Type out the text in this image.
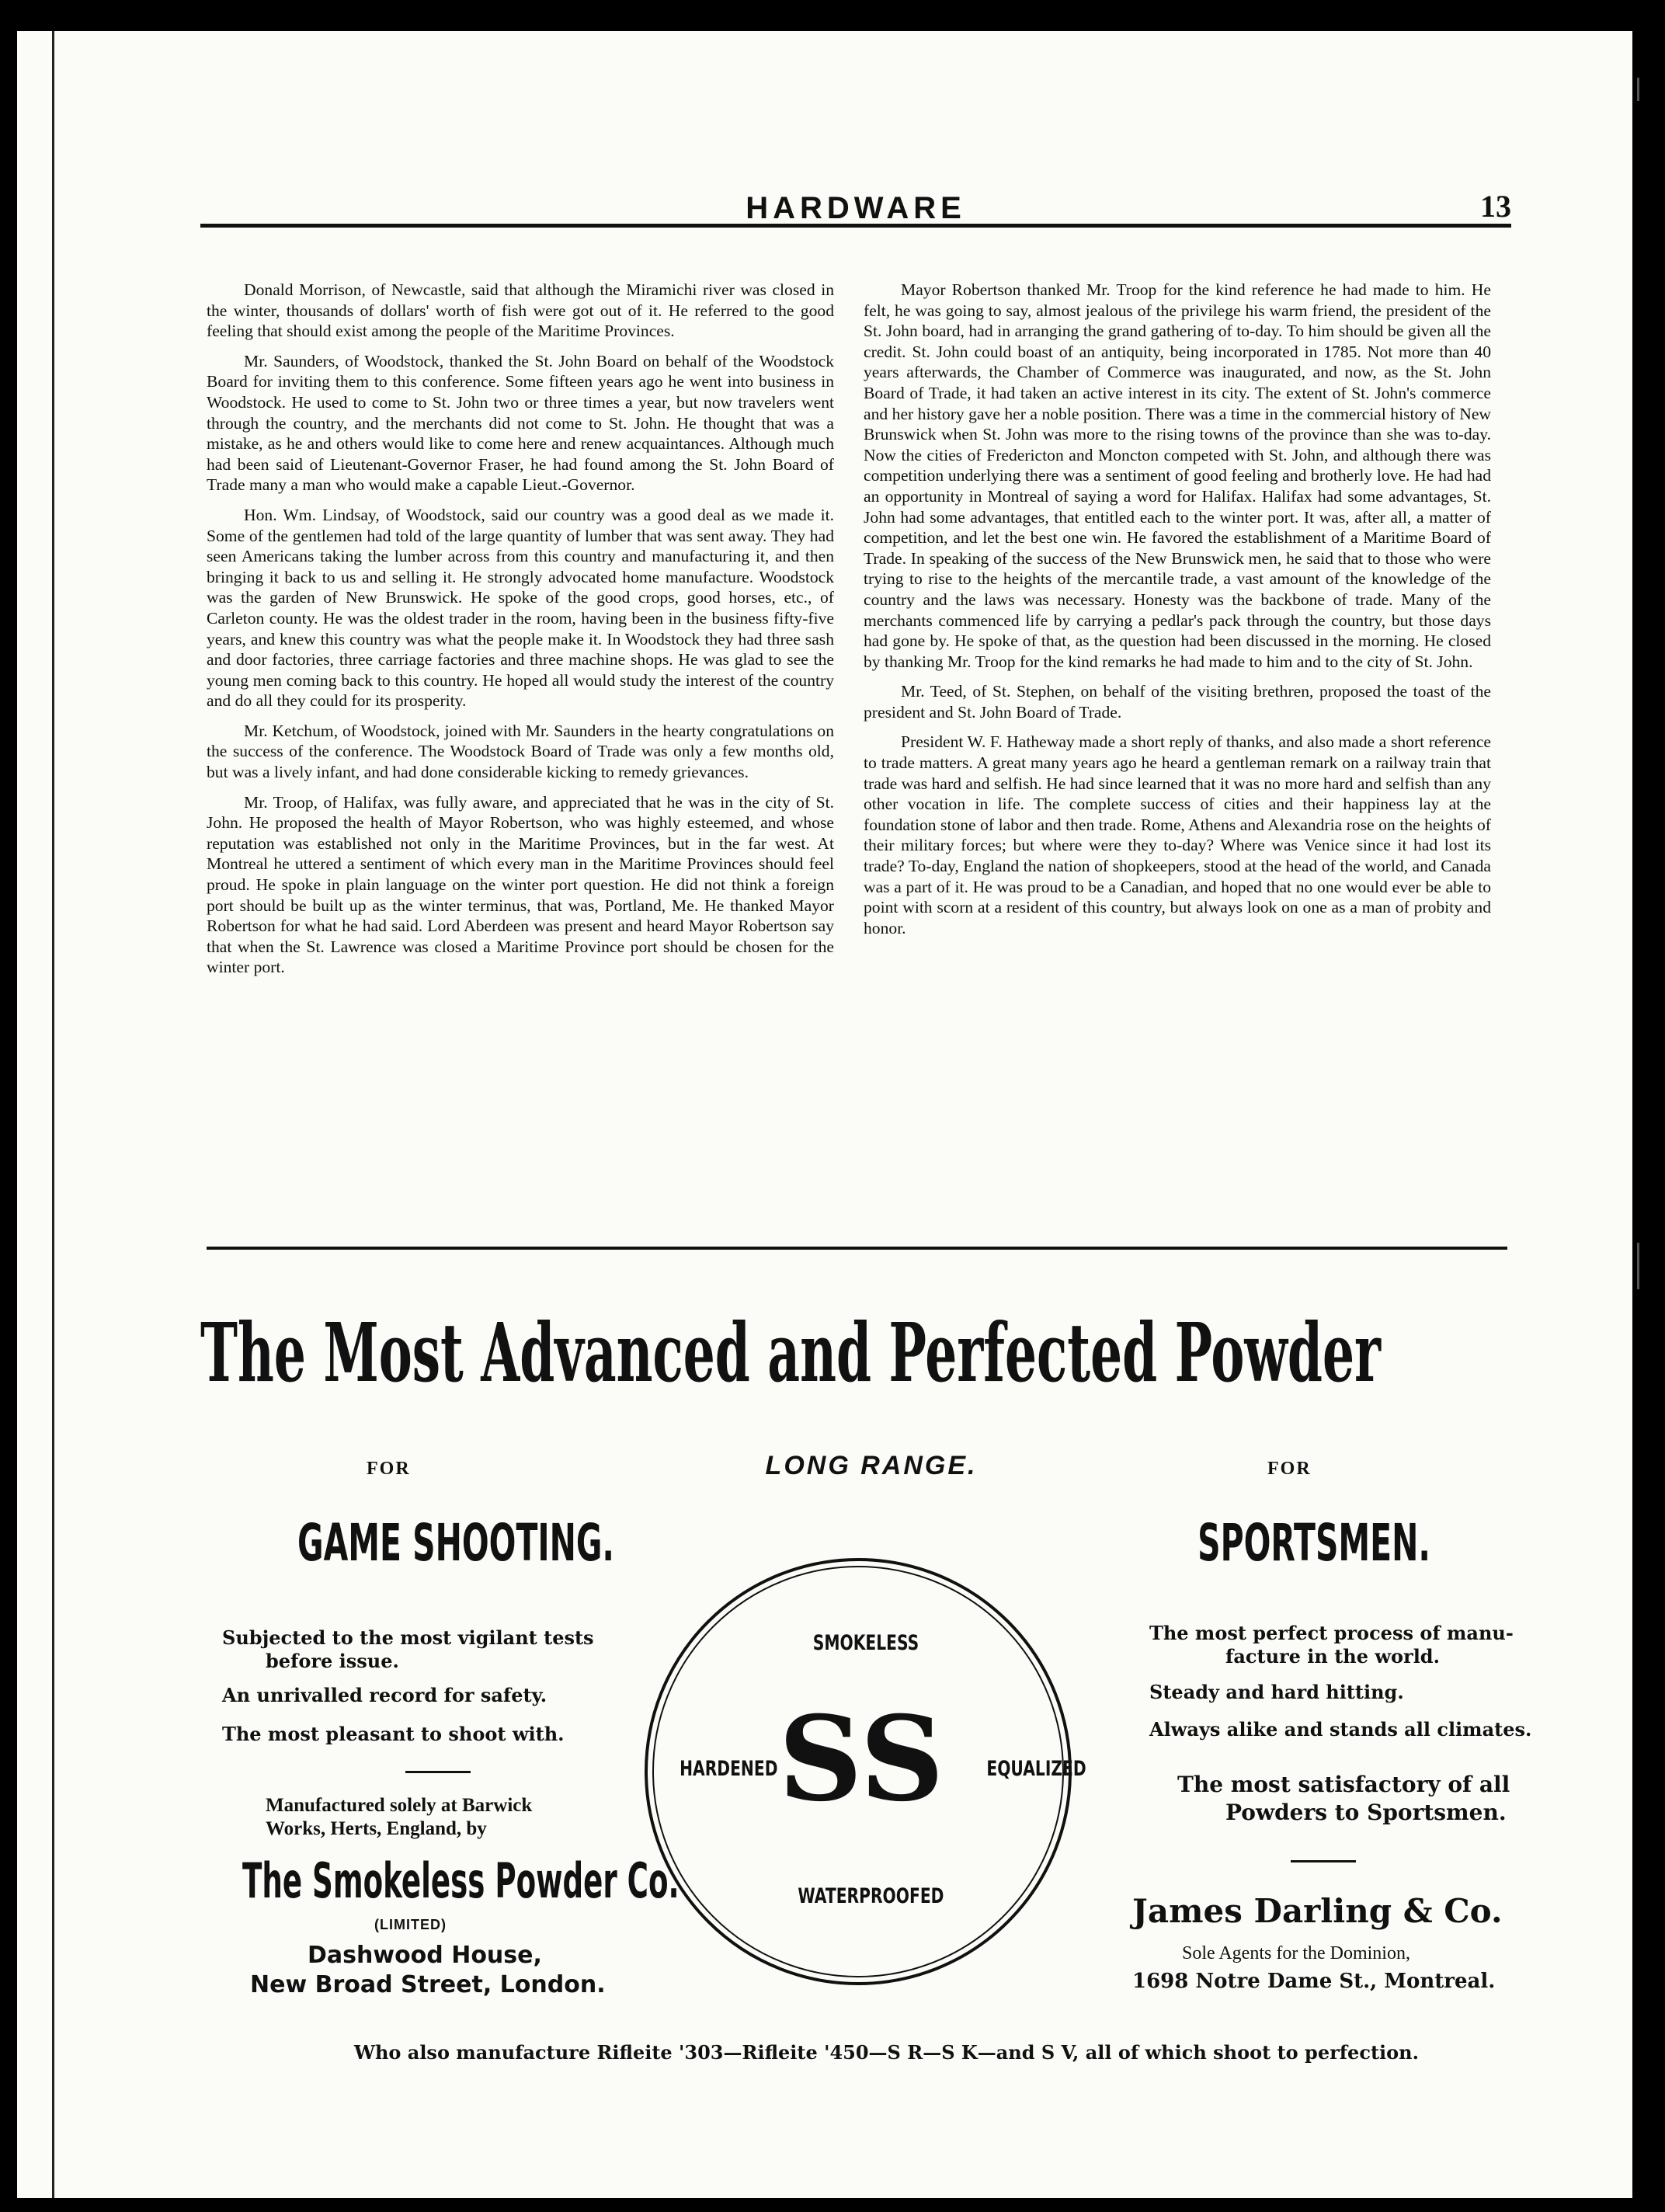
HARDWARE	13

Donald Morrison, of Newcastle, said that although the Miramichi river was closed in the winter, thousands of dollars' worth of fish were got out of it. He referred to the good feeling that should exist among the people of the Maritime Provinces.

Mr. Saunders, of Woodstock, thanked the St. John Board on behalf of the Woodstock Board for inviting them to this conference. Some fifteen years ago he went into business in Woodstock. He used to come to St. John two or three times a year, but now travelers went through the country, and the merchants did not come to St. John. He thought that was a mistake, as he and others would like to come here and renew acquaintances. Although much had been said of Lieutenant-Governor Fraser, he had found among the St. John Board of Trade many a man who would make a capable Lieut.-Governor.

Hon. Wm. Lindsay, of Woodstock, said our country was a good deal as we made it. Some of the gentlemen had told of the large quantity of lumber that was sent away. They had seen Americans taking the lumber across from this country and manufacturing it, and then bringing it back to us and selling it. He strongly advocated home manufacture. Woodstock was the garden of New Brunswick. He spoke of the good crops, good horses, etc., of Carleton county. He was the oldest trader in the room, having been in the business fifty-five years, and knew this country was what the people make it. In Woodstock they had three sash and door factories, three carriage factories and three machine shops. He was glad to see the young men coming back to this country. He hoped all would study the interest of the country and do all they could for its prosperity.

Mr. Ketchum, of Woodstock, joined with Mr. Saunders in the hearty congratulations on the success of the conference. The Woodstock Board of Trade was only a few months old, but was a lively infant, and had done considerable kicking to remedy grievances.

Mr. Troop, of Halifax, was fully aware, and appreciated that he was in the city of St. John. He proposed the health of Mayor Robertson, who was highly esteemed, and whose reputation was established not only in the Maritime Provinces, but in the far west. At Montreal he uttered a sentiment of which every man in the Maritime Provinces should feel proud. He spoke in plain language on the winter port question. He did not think a foreign port should be built up as the winter terminus, that was, Portland, Me. He thanked Mayor Robertson for what he had said. Lord Aberdeen was present and heard Mayor Robertson say that when the St. Lawrence was closed a Maritime Province port should be chosen for the winter port.

Mayor Robertson thanked Mr. Troop for the kind reference he had made to him. He felt, he was going to say, almost jealous of the privilege his warm friend, the president of the St. John board, had in arranging the grand gathering of to-day. To him should be given all the credit. St. John could boast of an antiquity, being incorporated in 1785. Not more than 40 years afterwards, the Chamber of Commerce was inaugurated, and now, as the St. John Board of Trade, it had taken an active interest in its city. The extent of St. John's commerce and her history gave her a noble position. There was a time in the commercial history of New Brunswick when St. John was more to the rising towns of the province than she was to-day. Now the cities of Fredericton and Moncton competed with St. John, and although there was competition underlying there was a sentiment of good feeling and brotherly love. He had had an opportunity in Montreal of saying a word for Halifax. Halifax had some advantages, St. John had some advantages, that entitled each to the winter port. It was, after all, a matter of competition, and let the best one win. He favored the establishment of a Maritime Board of Trade. In speaking of the success of the New Brunswick men, he said that to those who were trying to rise to the heights of the mercantile trade, a vast amount of the knowledge of the country and the laws was necessary. Honesty was the backbone of trade. Many of the merchants commenced life by carrying a pedlar's pack through the country, but those days had gone by. He spoke of that, as the question had been discussed in the morning. He closed by thanking Mr. Troop for the kind remarks he had made to him and to the city of St. John.

Mr. Teed, of St. Stephen, on behalf of the visiting brethren, proposed the toast of the president and St. John Board of Trade.

President W. F. Hatheway made a short reply of thanks, and also made a short reference to trade matters. A great many years ago he heard a gentleman remark on a railway train that trade was hard and selfish. He had since learned that it was no more hard and selfish than any other vocation in life. The complete success of cities and their happiness lay at the foundation stone of labor and then trade. Rome, Athens and Alexandria rose on the heights of their military forces; but where were they to-day? Where was Venice since it had lost its trade? To-day, England the nation of shopkeepers, stood at the head of the world, and Canada was a part of it. He was proud to be a Canadian, and hoped that no one would ever be able to point with scorn at a resident of this country, but always look on one as a man of probity and honor.

The Most Advanced and Perfected Powder
FOR	LONG RANGE.	FOR
GAME SHOOTING.	SPORTSMEN.
Subjected to the most vigilant tests
before issue.
An unrivalled record for safety.
The most pleasant to shoot with.
The most perfect process of manu-
facture in the world.
Steady and hard hitting.
Always alike and stands all climates.
The most satisfactory of all
Powders to Sportsmen.
Manufactured solely at Barwick
Works, Herts, England, by
The Smokeless Powder Co.
(LIMITED)
Dashwood House,
New Broad Street, London.
James Darling & Co.
Sole Agents for the Dominion,
1698 Notre Dame St., Montreal.
SMOKELESS
HARDENED SS	EQUALIZED
WATERPROOFED
Who also manufacture Rifleite '303—Rifleite '450—S R—S K—and S V, all of which shoot to perfection.
